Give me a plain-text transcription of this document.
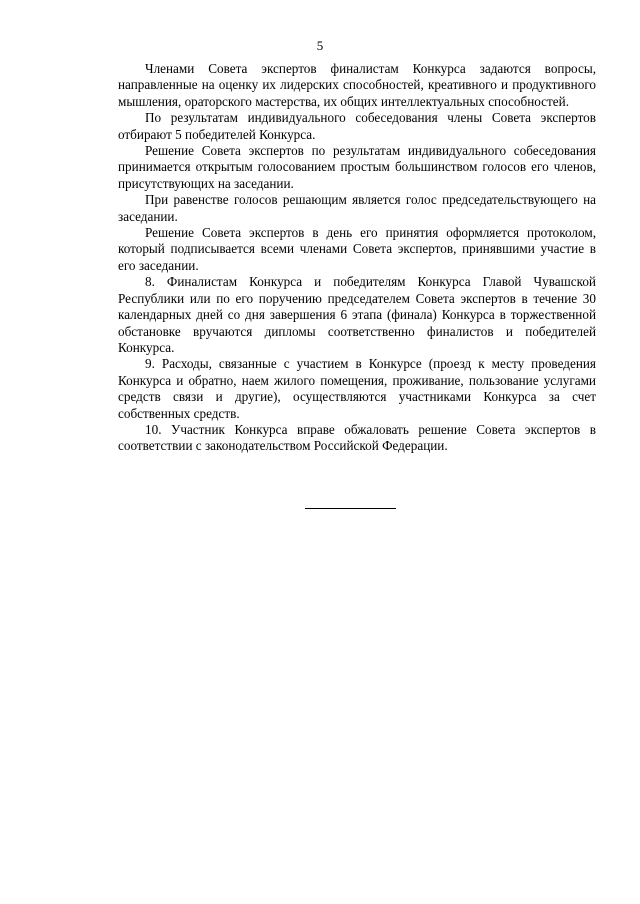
5

Членами Совета экспертов финалистам Конкурса задаются вопросы, направленные на оценку их лидерских способностей, креативного и продуктивного мышления, ораторского мастерства, их общих интеллектуальных способностей.

По результатам индивидуального собеседования члены Совета экспертов отбирают 5 победителей Конкурса.

Решение Совета экспертов по результатам индивидуального собеседования принимается открытым голосованием простым большинством голосов его членов, присутствующих на заседании.

При равенстве голосов решающим является голос председательствующего на заседании.

Решение Совета экспертов в день его принятия оформляется протоколом, который подписывается всеми членами Совета экспертов, принявшими участие в его заседании.

8. Финалистам Конкурса и победителям Конкурса Главой Чувашской Республики или по его поручению председателем Совета экспертов в течение 30 календарных дней со дня завершения 6 этапа (финала) Конкурса в торжественной обстановке вручаются дипломы соответственно финалистов и победителей Конкурса.

9. Расходы, связанные с участием в Конкурсе (проезд к месту проведения Конкурса и обратно, наем жилого помещения, проживание, пользование услугами средств связи и другие), осуществляются участниками Конкурса за счет собственных средств.

10. Участник Конкурса вправе обжаловать решение Совета экспертов в соответствии с законодательством Российской Федерации.
